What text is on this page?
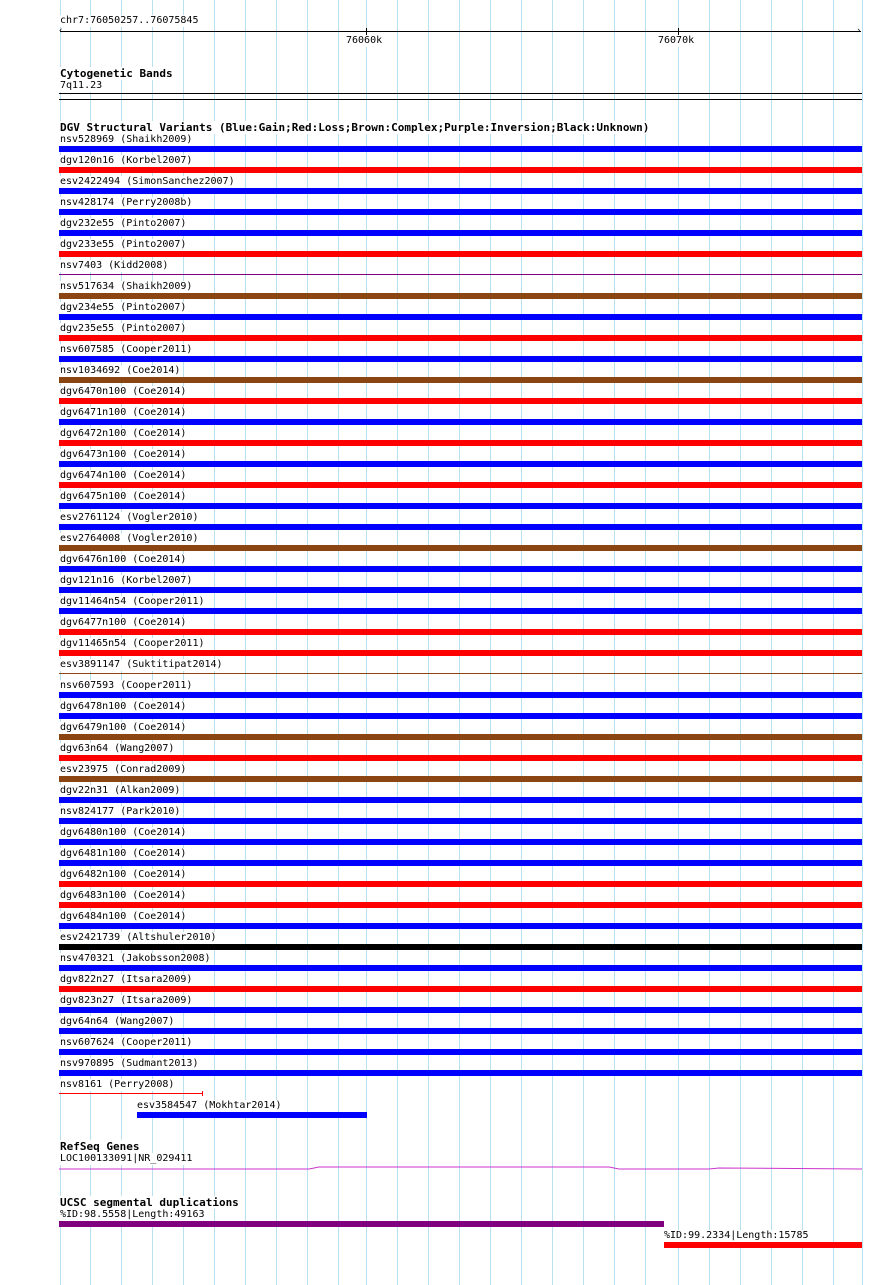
chr7:76050257..76075845
‹	›
76060k	76070k
Cytogenetic Bands
7q11.23
DGV Structural Variants (Blue:Gain;Red:Loss;Brown:Complex;Purple:Inversion;Black:Unknown)
nsv528969 (Shaikh2009)
dgv120n16 (Korbel2007)
esv2422494 (SimonSanchez2007)
nsv428174 (Perry2008b)
dgv232e55 (Pinto2007)
dgv233e55 (Pinto2007)
nsv7403 (Kidd2008)
nsv517634 (Shaikh2009)
dgv234e55 (Pinto2007)
dgv235e55 (Pinto2007)
nsv607585 (Cooper2011)
nsv1034692 (Coe2014)
dgv6470n100 (Coe2014)
dgv6471n100 (Coe2014)
dgv6472n100 (Coe2014)
dgv6473n100 (Coe2014)
dgv6474n100 (Coe2014)
dgv6475n100 (Coe2014)
esv2761124 (Vogler2010)
esv2764008 (Vogler2010)
dgv6476n100 (Coe2014)
dgv121n16 (Korbel2007)
dgv11464n54 (Cooper2011)
dgv6477n100 (Coe2014)
dgv11465n54 (Cooper2011)
esv3891147 (Suktitipat2014)
nsv607593 (Cooper2011)
dgv6478n100 (Coe2014)
dgv6479n100 (Coe2014)
dgv63n64 (Wang2007)
esv23975 (Conrad2009)
dgv22n31 (Alkan2009)
nsv824177 (Park2010)
dgv6480n100 (Coe2014)
dgv6481n100 (Coe2014)
dgv6482n100 (Coe2014)
dgv6483n100 (Coe2014)
dgv6484n100 (Coe2014)
esv2421739 (Altshuler2010)
nsv470321 (Jakobsson2008)
dgv822n27 (Itsara2009)
dgv823n27 (Itsara2009)
dgv64n64 (Wang2007)
nsv607624 (Cooper2011)
nsv970895 (Sudmant2013)
nsv8161 (Perry2008)
esv3584547 (Mokhtar2014)
RefSeq Genes
LOC100133091|NR_029411
UCSC segmental duplications
%ID:98.5558|Length:49163
%ID:99.2334|Length:15785
